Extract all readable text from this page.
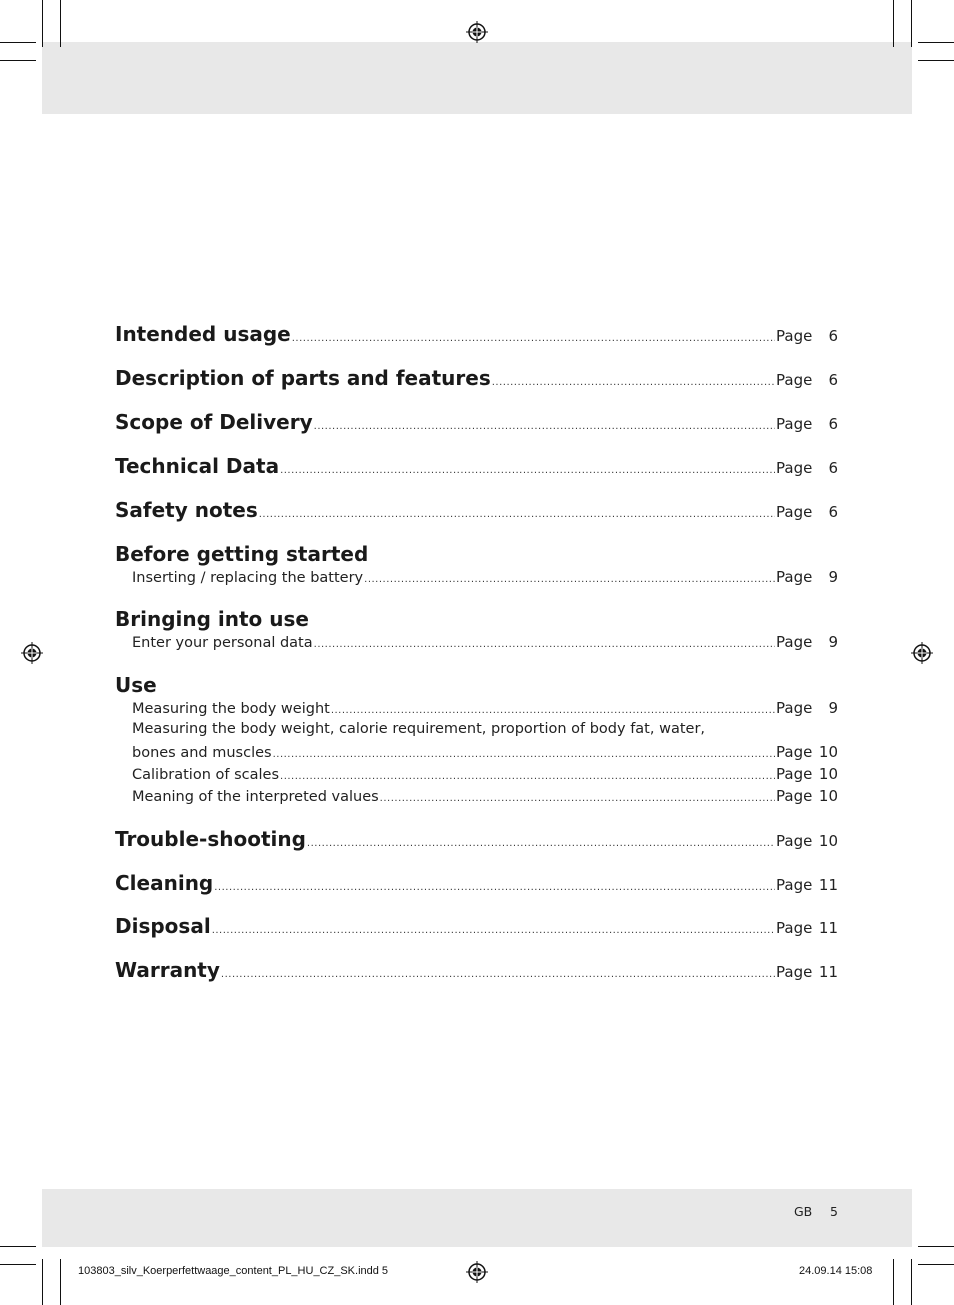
Intended usage .....	Page	6
Description of parts and features .....	Page	6
Scope of Delivery .....	Page	6
Technical Data .....	Page	6
Safety notes .....	Page	6
Before getting started
Inserting / replacing the battery .....	Page	9
Bringing into use
Enter your personal data .....	Page	9
Use
Measuring the body weight .....	Page	9
Measuring the body weight, calorie requirement, proportion of body fat, water,
bones and muscles .....	Page 10
Calibration of scales .....	Page 10
Meaning of the interpreted values .....	Page 10
Trouble-shooting .....	Page 10
Cleaning .....	Page 11
Disposal .....	Page 11
Warranty .....	Page 11
GB 5
103803_silv_Koerperfettwaage_content_PL_HU_CZ_SK.indd 5	24.09.14 15:08
